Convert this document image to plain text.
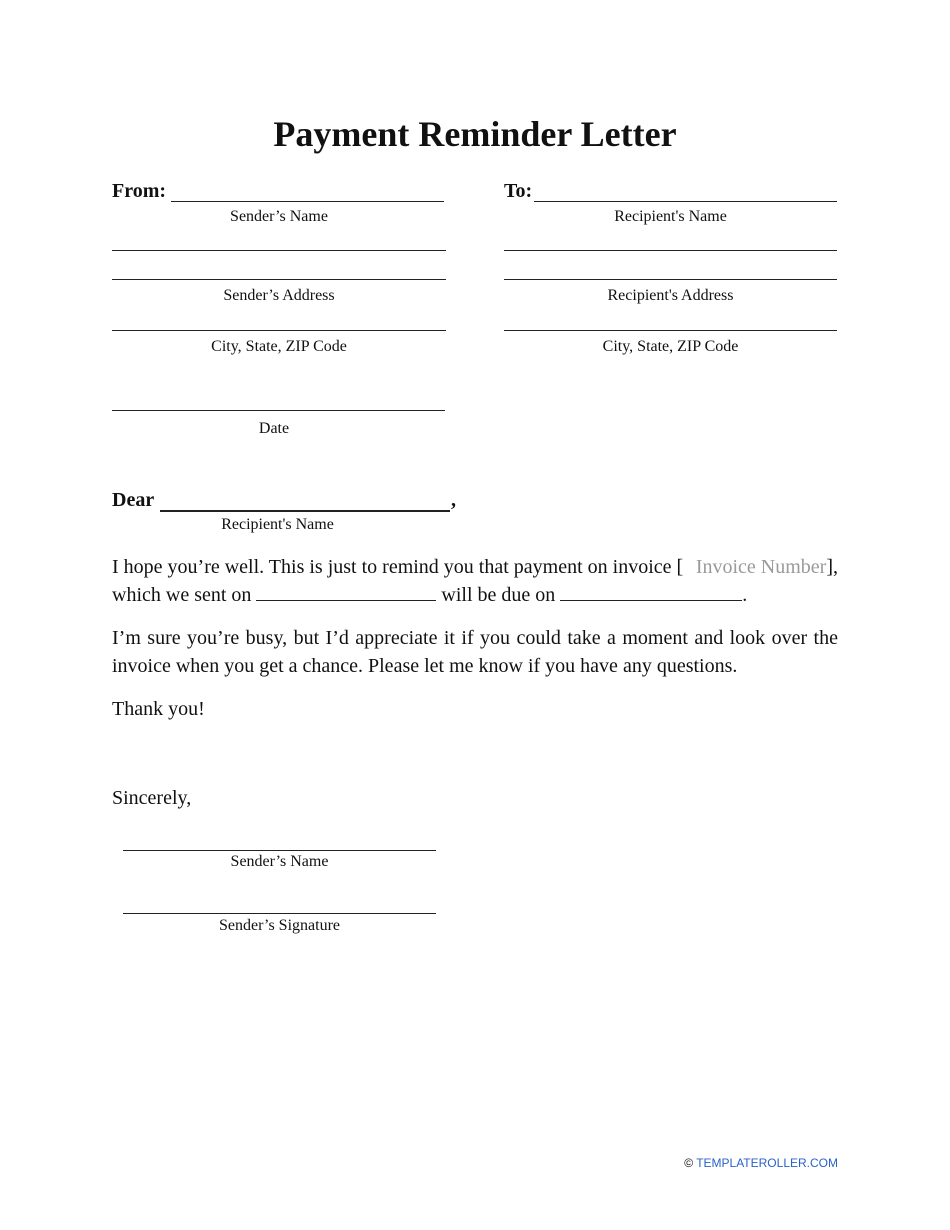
Payment Reminder Letter
From:
Sender’s Name
Sender’s Address
City, State, ZIP Code
Date
To:
Recipient's Name
Recipient's Address
City, State, ZIP Code
Dear	,
Recipient's Name
I hope you’re well. This is just to remind you that payment on invoice [ Invoice Number],
which we sent on	will be due on	.
I’m sure you’re busy, but I’d appreciate it if you could take a moment and look over the invoice when you get a chance. Please let me know if you have any questions.
Thank you!
Sincerely,
Sender’s Name
Sender’s Signature
© TEMPLATEROLLER.COM
